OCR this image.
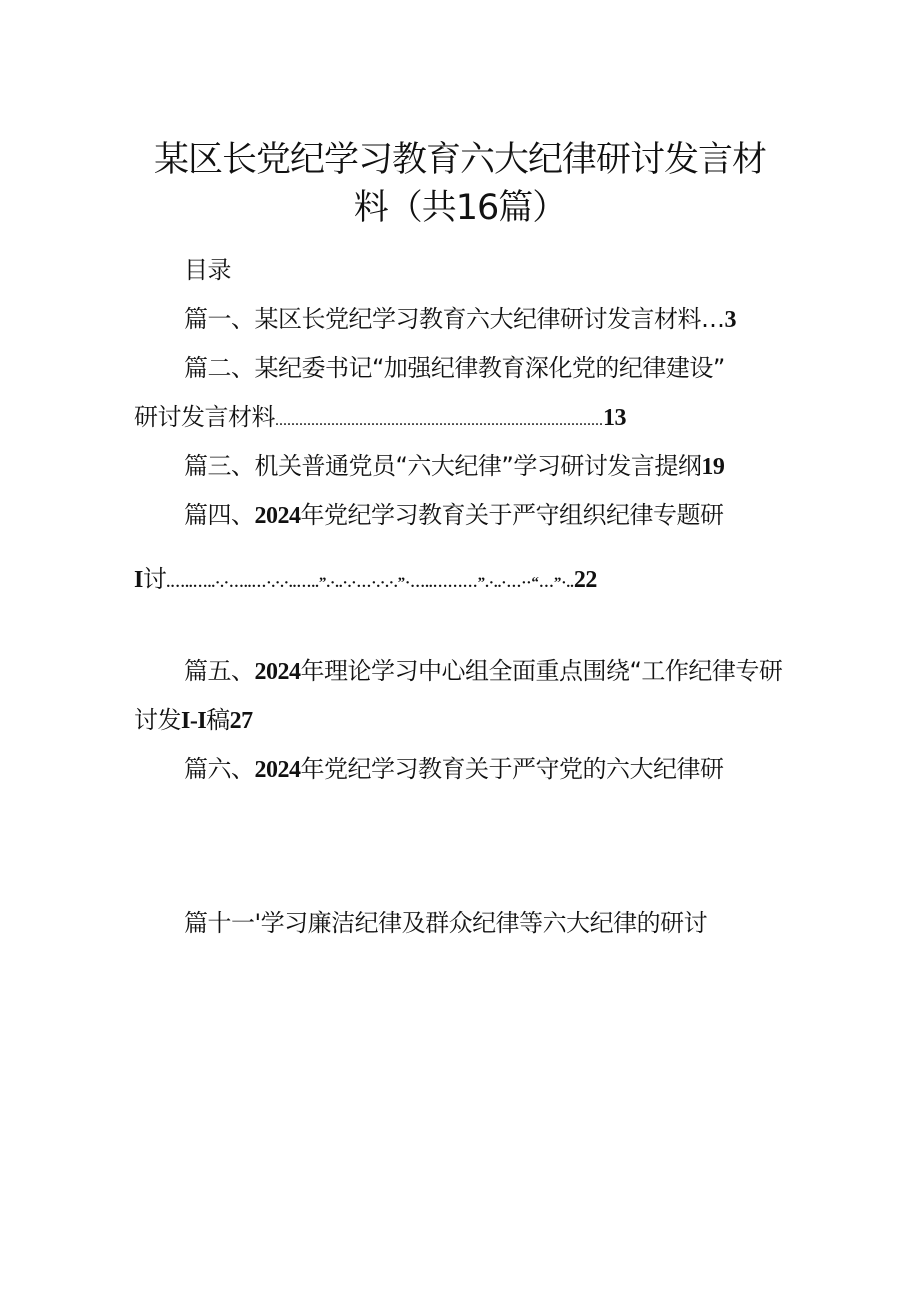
某区长党纪学习教育六大纪律研讨发言材
料（共16篇）
目录
篇一、某区长党纪学习教育六大纪律研讨发言材料…3
篇二、某纪委书记“加强纪律教育深化党的纪律建设”
研讨发言材料..................................................................................13
篇三、机关普通党员“六大纪律”学习研讨发言提纲19
篇四、2024年党纪学习教育关于严守组织纪律专题研
I讨.…..…..·.·…..…·.·.·..…..”.·..·.·…·.·.·.”·…..………”.·..·…··“…”·..22
篇五、2024年理论学习中心组全面重点围绕“工作纪律专研
讨发I-I稿27
篇六、2024年党纪学习教育关于严守党的六大纪律研
篇十一'学习廉洁纪律及群众纪律等六大纪律的研讨
